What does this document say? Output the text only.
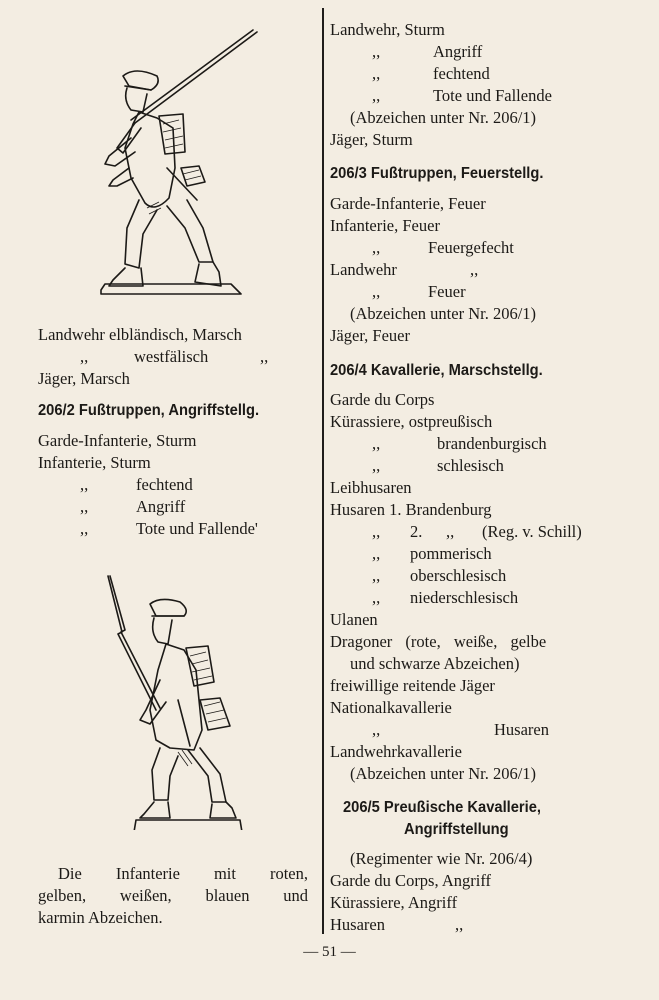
Landwehr elbländisch, Marsch
,,	westfälisch	,,
Jäger, Marsch
206/2 Fußtruppen, Angriffstellg.
Garde-Infanterie, Sturm
Infanterie, Sturm
,,	fechtend
,,	Angriff
,,	Tote und Fallende'
Die Infanterie mit roten,
gelben, weißen, blauen und
karmin Abzeichen.
Landwehr, Sturm
,,	Angriff
,,	fechtend
,,	Tote und Fallende
(Abzeichen unter Nr. 206/1)
Jäger, Sturm
206/3 Fußtruppen, Feuerstellg.
Garde-Infanterie, Feuer
Infanterie, Feuer
,,	Feuergefecht
Landwehr	,,
,,	Feuer
(Abzeichen unter Nr. 206/1)
Jäger, Feuer
206/4 Kavallerie, Marschstellg.
Garde du Corps
Kürassiere, ostpreußisch
,,	brandenburgisch
,,	schlesisch
Leibhusaren
Husaren 1. Brandenburg
,, 2. ,, (Reg. v. Schill)
,, pommerisch
,, oberschlesisch
,, niederschlesisch
Ulanen
Dragoner (rote, weiße, gelbe
und schwarze Abzeichen)
freiwillige reitende Jäger
Nationalkavallerie
,,	Husaren
Landwehrkavallerie
(Abzeichen unter Nr. 206/1)
206/5 Preußische Kavallerie,
Angriffstellung
(Regimenter wie Nr. 206/4)
Garde du Corps, Angriff
Kürassiere, Angriff
Husaren	,,
— 51 —
